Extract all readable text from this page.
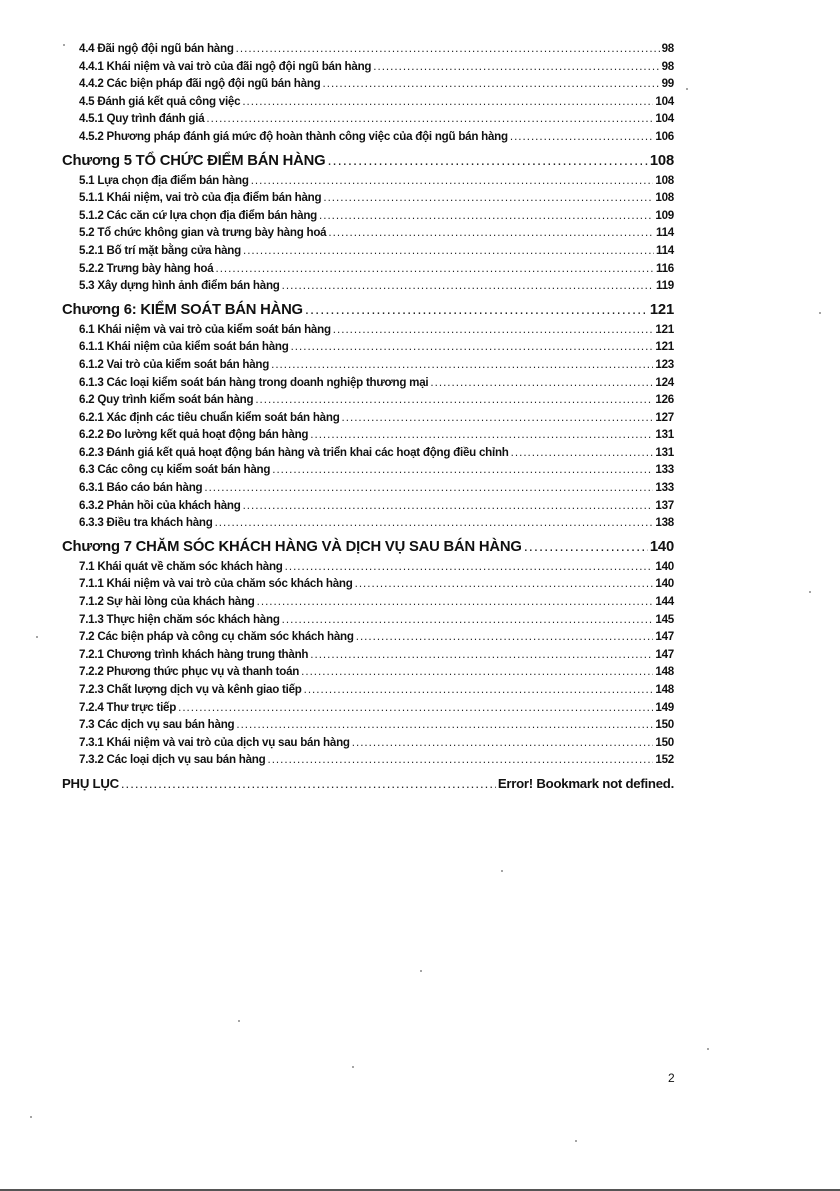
4.4 Đãi ngộ đội ngũ bán hàng .....	98
4.4.1 Khái niệm và vai trò của đãi ngộ đội ngũ bán hàng .....	98
4.4.2 Các biện pháp đãi ngộ đội ngũ bán hàng .....	99
4.5 Đánh giá kết quả công việc .....	104
4.5.1 Quy trình đánh giá .....	104
4.5.2 Phương pháp đánh giá mức độ hoàn thành công việc của đội ngũ bán hàng .....	106
Chương 5 TỔ CHỨC ĐIỂM BÁN HÀNG .....	108
5.1 Lựa chọn địa điểm bán hàng .....	108
5.1.1 Khái niệm, vai trò của địa điểm bán hàng .....	108
5.1.2 Các căn cứ lựa chọn địa điểm bán hàng .....	109
5.2 Tổ chức không gian và trưng bày hàng hoá .....	114
5.2.1 Bố trí mặt bằng cửa hàng .....	114
5.2.2 Trưng bày hàng hoá .....	116
5.3 Xây dựng hình ảnh điểm bán hàng .....	119
Chương 6: KIỂM SOÁT BÁN HÀNG .....	121
6.1 Khái niệm và vai trò của kiểm soát bán hàng .....	121
6.1.1 Khái niệm của kiểm soát bán hàng .....	121
6.1.2 Vai trò của kiểm soát bán hàng .....	123
6.1.3 Các loại kiểm soát bán hàng trong doanh nghiệp thương mại .....	124
6.2 Quy trình kiểm soát bán hàng .....	126
6.2.1 Xác định các tiêu chuẩn kiểm soát bán hàng .....	127
6.2.2 Đo lường kết quả hoạt động bán hàng .....	131
6.2.3 Đánh giá kết quả hoạt động bán hàng và triển khai các hoạt động điều chỉnh .....	131
6.3 Các công cụ kiểm soát bán hàng .....	133
6.3.1 Báo cáo bán hàng .....	133
6.3.2 Phản hồi của khách hàng .....	137
6.3.3 Điều tra khách hàng .....	138
Chương 7 CHĂM SÓC KHÁCH HÀNG VÀ DỊCH VỤ SAU BÁN HÀNG .....	140
7.1 Khái quát về chăm sóc khách hàng .....	140
7.1.1 Khái niệm và vai trò của chăm sóc khách hàng .....	140
7.1.2 Sự hài lòng của khách hàng .....	144
7.1.3 Thực hiện chăm sóc khách hàng .....	145
7.2 Các biện pháp và công cụ chăm sóc khách hàng .....	147
7.2.1 Chương trình khách hàng trung thành .....	147
7.2.2 Phương thức phục vụ và thanh toán .....	148
7.2.3 Chất lượng dịch vụ và kênh giao tiếp .....	148
7.2.4 Thư trực tiếp .....	149
7.3 Các dịch vụ sau bán hàng .....	150
7.3.1 Khái niệm và vai trò của dịch vụ sau bán hàng .....	150
7.3.2 Các loại dịch vụ sau bán hàng .....	152
PHỤ LỤC .....	Error! Bookmark not defined.
2
